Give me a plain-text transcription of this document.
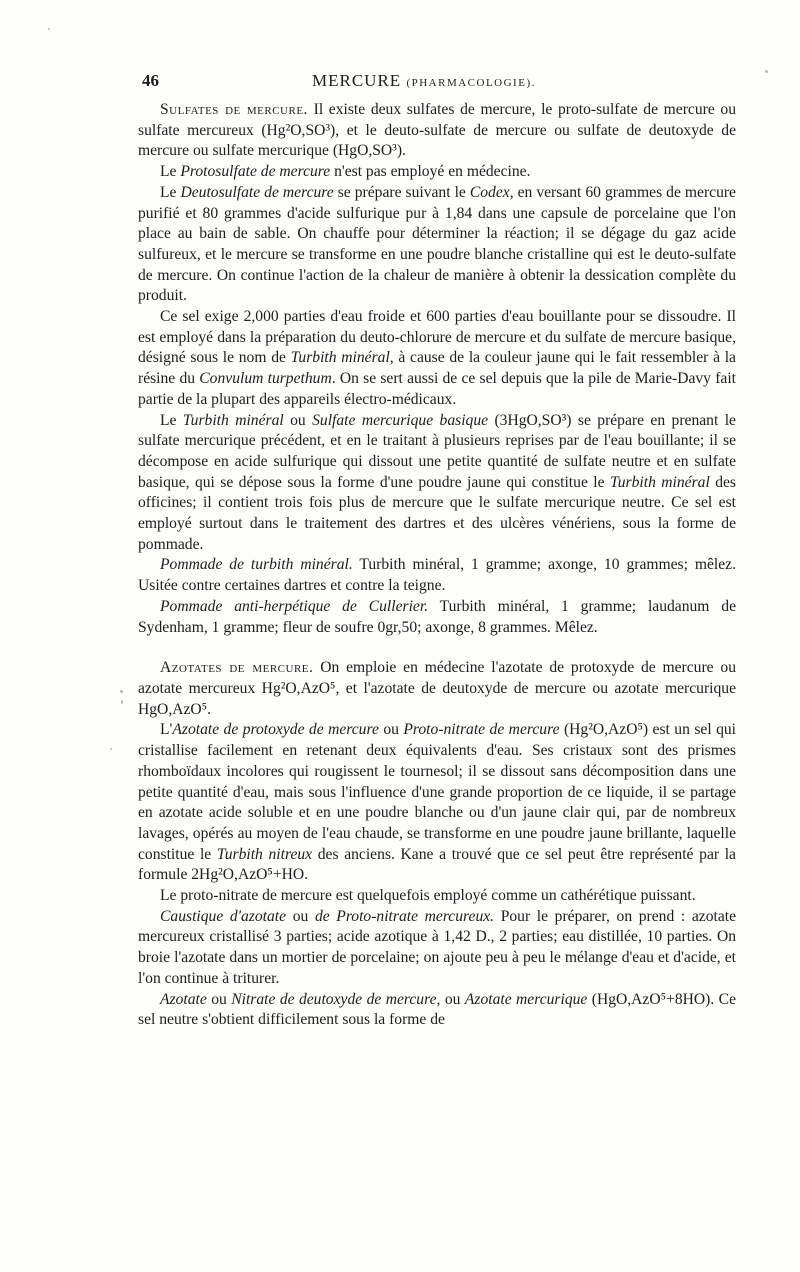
46	MERCURE (PHARMACOLOGIE).

Sulfates de mercure. Il existe deux sulfates de mercure, le proto-sulfate de mercure ou sulfate mercureux (Hg²O,SO³), et le deuto-sulfate de mercure ou sulfate de deutoxyde de mercure ou sulfate mercurique (HgO,SO³).

Le Protosulfate de mercure n'est pas employé en médecine.

Le Deutosulfate de mercure se prépare suivant le Codex, en versant 60 grammes de mercure purifié et 80 grammes d'acide sulfurique pur à 1,84 dans une capsule de porcelaine que l'on place au bain de sable. On chauffe pour déterminer la réaction; il se dégage du gaz acide sulfureux, et le mercure se transforme en une poudre blanche cristalline qui est le deuto-sulfate de mercure. On continue l'action de la chaleur de manière à obtenir la dessication complète du produit.

Ce sel exige 2,000 parties d'eau froide et 600 parties d'eau bouillante pour se dissoudre. Il est employé dans la préparation du deuto-chlorure de mercure et du sulfate de mercure basique, désigné sous le nom de Turbith minéral, à cause de la couleur jaune qui le fait ressembler à la résine du Convulum turpethum. On se sert aussi de ce sel depuis que la pile de Marie-Davy fait partie de la plupart des appareils électro-médicaux.

Le Turbith minéral ou Sulfate mercurique basique (3HgO,SO³) se prépare en prenant le sulfate mercurique précédent, et en le traitant à plusieurs reprises par de l'eau bouillante; il se décompose en acide sulfurique qui dissout une petite quantité de sulfate neutre et en sulfate basique, qui se dépose sous la forme d'une poudre jaune qui constitue le Turbith minéral des officines; il contient trois fois plus de mercure que le sulfate mercurique neutre. Ce sel est employé surtout dans le traitement des dartres et des ulcères vénériens, sous la forme de pommade.

Pommade de turbith minéral. Turbith minéral, 1 gramme; axonge, 10 grammes; mêlez. Usitée contre certaines dartres et contre la teigne.

Pommade anti-herpétique de Cullerier. Turbith minéral, 1 gramme; laudanum de Sydenham, 1 gramme; fleur de soufre 0gr,50; axonge, 8 grammes. Mêlez.

Azotates de mercure. On emploie en médecine l'azotate de protoxyde de mercure ou azotate mercureux Hg²O,AzO⁵, et l'azotate de deutoxyde de mercure ou azotate mercurique HgO,AzO⁵.

L'Azotate de protoxyde de mercure ou Proto-nitrate de mercure (Hg²O,AzO⁵) est un sel qui cristallise facilement en retenant deux équivalents d'eau. Ses cristaux sont des prismes rhomboïdaux incolores qui rougissent le tournesol; il se dissout sans décomposition dans une petite quantité d'eau, mais sous l'influence d'une grande proportion de ce liquide, il se partage en azotate acide soluble et en une poudre blanche ou d'un jaune clair qui, par de nombreux lavages, opérés au moyen de l'eau chaude, se transforme en une poudre jaune brillante, laquelle constitue le Turbith nitreux des anciens. Kane a trouvé que ce sel peut être représenté par la formule 2Hg²O,AzO⁵+HO.

Le proto-nitrate de mercure est quelquefois employé comme un cathérétique puissant.

Caustique d'azotate ou de Proto-nitrate mercureux. Pour le préparer, on prend : azotate mercureux cristallisé 3 parties; acide azotique à 1,42 D., 2 parties; eau distillée, 10 parties. On broie l'azotate dans un mortier de porcelaine; on ajoute peu à peu le mélange d'eau et d'acide, et l'on continue à triturer.

Azotate ou Nitrate de deutoxyde de mercure, ou Azotate mercurique (HgO,AzO⁵+8HO). Ce sel neutre s'obtient difficilement sous la forme de
